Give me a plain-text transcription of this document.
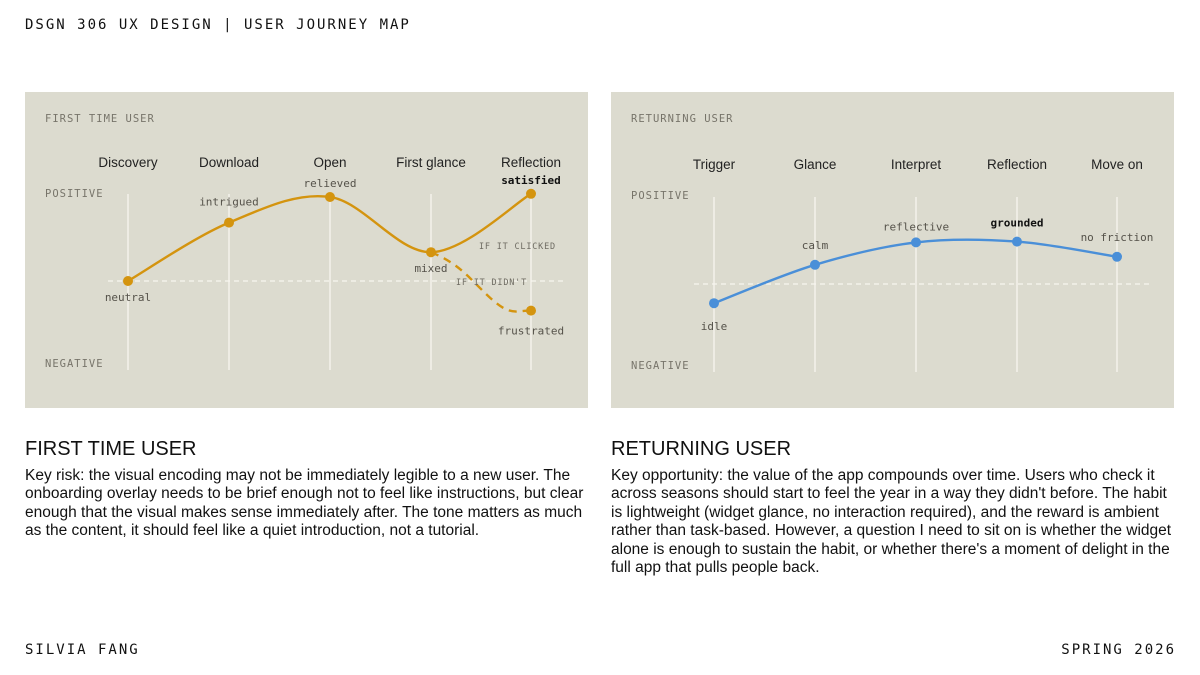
DSGN 306 UX DESIGN | USER JOURNEY MAP
FIRST TIME USER
POSITIVE
NEGATIVE
Discovery	Download	Open	First glance	Reflection
frustrated
IF IT CLICKED
IF IT DIDN'T
neutral
intrigued
relieved
mixed
satisfied
RETURNING USER
POSITIVE
NEGATIVE
Trigger	Glance	Interpret	Reflection	Move on
idle
calm
reflective	grounded
no friction
FIRST TIME USER
Key risk: the visual encoding may not be immediately legible to a new user. The onboarding overlay needs to be brief enough not to feel like instructions, but clear enough that the visual makes sense immediately after. The tone matters as much as the content, it should feel like a quiet introduction, not a tutorial.
RETURNING USER
Key opportunity: the value of the app compounds over time. Users who check it across seasons should start to feel the year in a way they didn't before. The habit is lightweight (widget glance, no interaction required), and the reward is ambient rather than task-based. However, a question I need to sit on is whether the widget alone is enough to sustain the habit, or whether there's a moment of delight in the full app that pulls people back.
SILVIA FANG	SPRING 2026
